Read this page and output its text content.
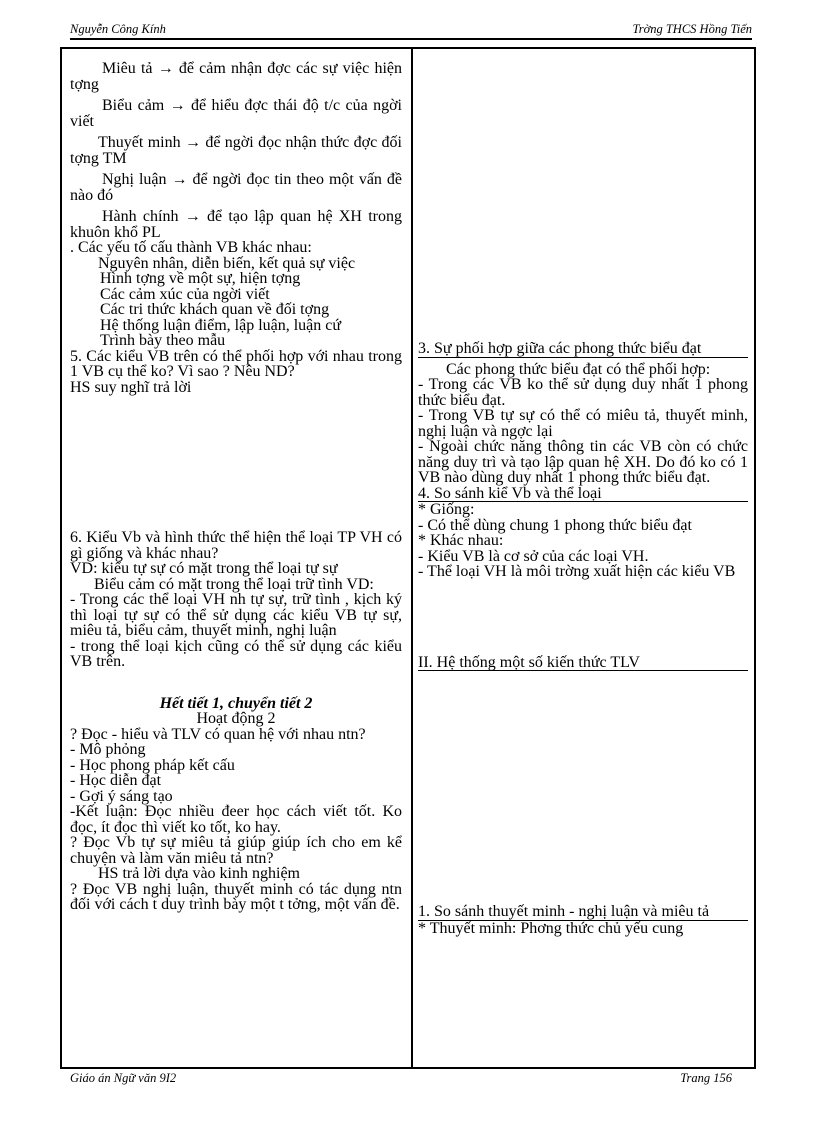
Nguyễn Công Kính	Trờng THCS Hồng Tiến

Miêu tả → để cảm nhận đợc các sự việc hiện tợng

Biểu cảm → để hiểu đợc thái độ t/c của ngời viết

Thuyết minh → để ngời đọc nhận thức đợc đối tợng TM

Nghị luận → để ngời đọc tin theo một vấn đề nào đó

Hành chính → để tạo lập quan hệ XH trong khuôn khổ PL

. Các yếu tố cấu thành VB khác nhau:

Nguyên nhân, diễn biến, kết quả sự việc

Hình tợng về một sự, hiện tợng

Các cảm xúc của ngời viết

Các tri thức khách quan về đối tợng

Hệ thống luận điểm, lập luận, luận cứ

Trình bày theo mẫu

5. Các kiểu VB trên có thể phối hợp với nhau trong 1 VB cụ thể ko? Vì sao ? Nêu ND?

HS suy nghĩ trả lời

6. Kiểu Vb và hình thức thể hiện thể loại TP VH có gì giống và khác nhau?

VD: kiểu tự sự có mặt trong thể loại tự sự

Biểu cảm có mặt trong thể loại trữ tình VD:

- Trong các thể loại VH nh tự sự, trữ tình , kịch ký thì loại tự sự có thể sử dụng các kiểu VB tự sự, miêu tả, biểu cảm, thuyết minh, nghị luận

- trong thể loại kịch cũng có thể sử dụng các kiểu VB trên.

Hết tiết 1, chuyển tiết 2

Hoạt động 2

? Đọc - hiểu và TLV có quan hệ với nhau ntn?

- Mô phỏng

- Học phong pháp kết cấu

- Học diễn đạt

- Gợi ý sáng tạo

-Kết luận: Đọc nhiều đeer học cách viết tốt. Ko đọc, ít đọc thì viết ko tốt, ko hay.

? Đọc Vb tự sự miêu tả giúp giúp ích cho em kể chuyện và làm văn miêu tả ntn?

HS trả lời dựa vào kinh nghiệm

? Đọc VB nghị luận, thuyết minh có tác dụng ntn đối với cách t duy trình bày một t tởng, một vấn đề.

3. Sự phối hợp giữa các phong thức biểu đạt

Các phong thức biểu đạt có thể phối hợp:

- Trong các VB ko thể sử dụng duy nhất 1 phong thức biểu đạt.

- Trong VB tự sự có thể có miêu tả, thuyết minh, nghị luận và ngợc lại

- Ngoài chức năng thông tin các VB còn có chức năng duy trì và tạo lập quan hệ XH. Do đó ko có 1 VB nào dùng duy nhất 1 phong thức biểu đạt.

4. So sánh kiể Vb và thể loại

* Giống:

- Có thể dùng chung 1 phong thức biểu đạt

* Khác nhau:

- Kiểu VB là cơ sở của các loại VH.

- Thể loại VH là môi trờng xuất hiện các kiểu VB

II. Hệ thống một số kiến thức TLV

1. So sánh thuyết minh - nghị luận và miêu tả

* Thuyết minh: Phơng thức chủ yếu cung

Giáo án Ngữ văn 9I2	Trang 156
